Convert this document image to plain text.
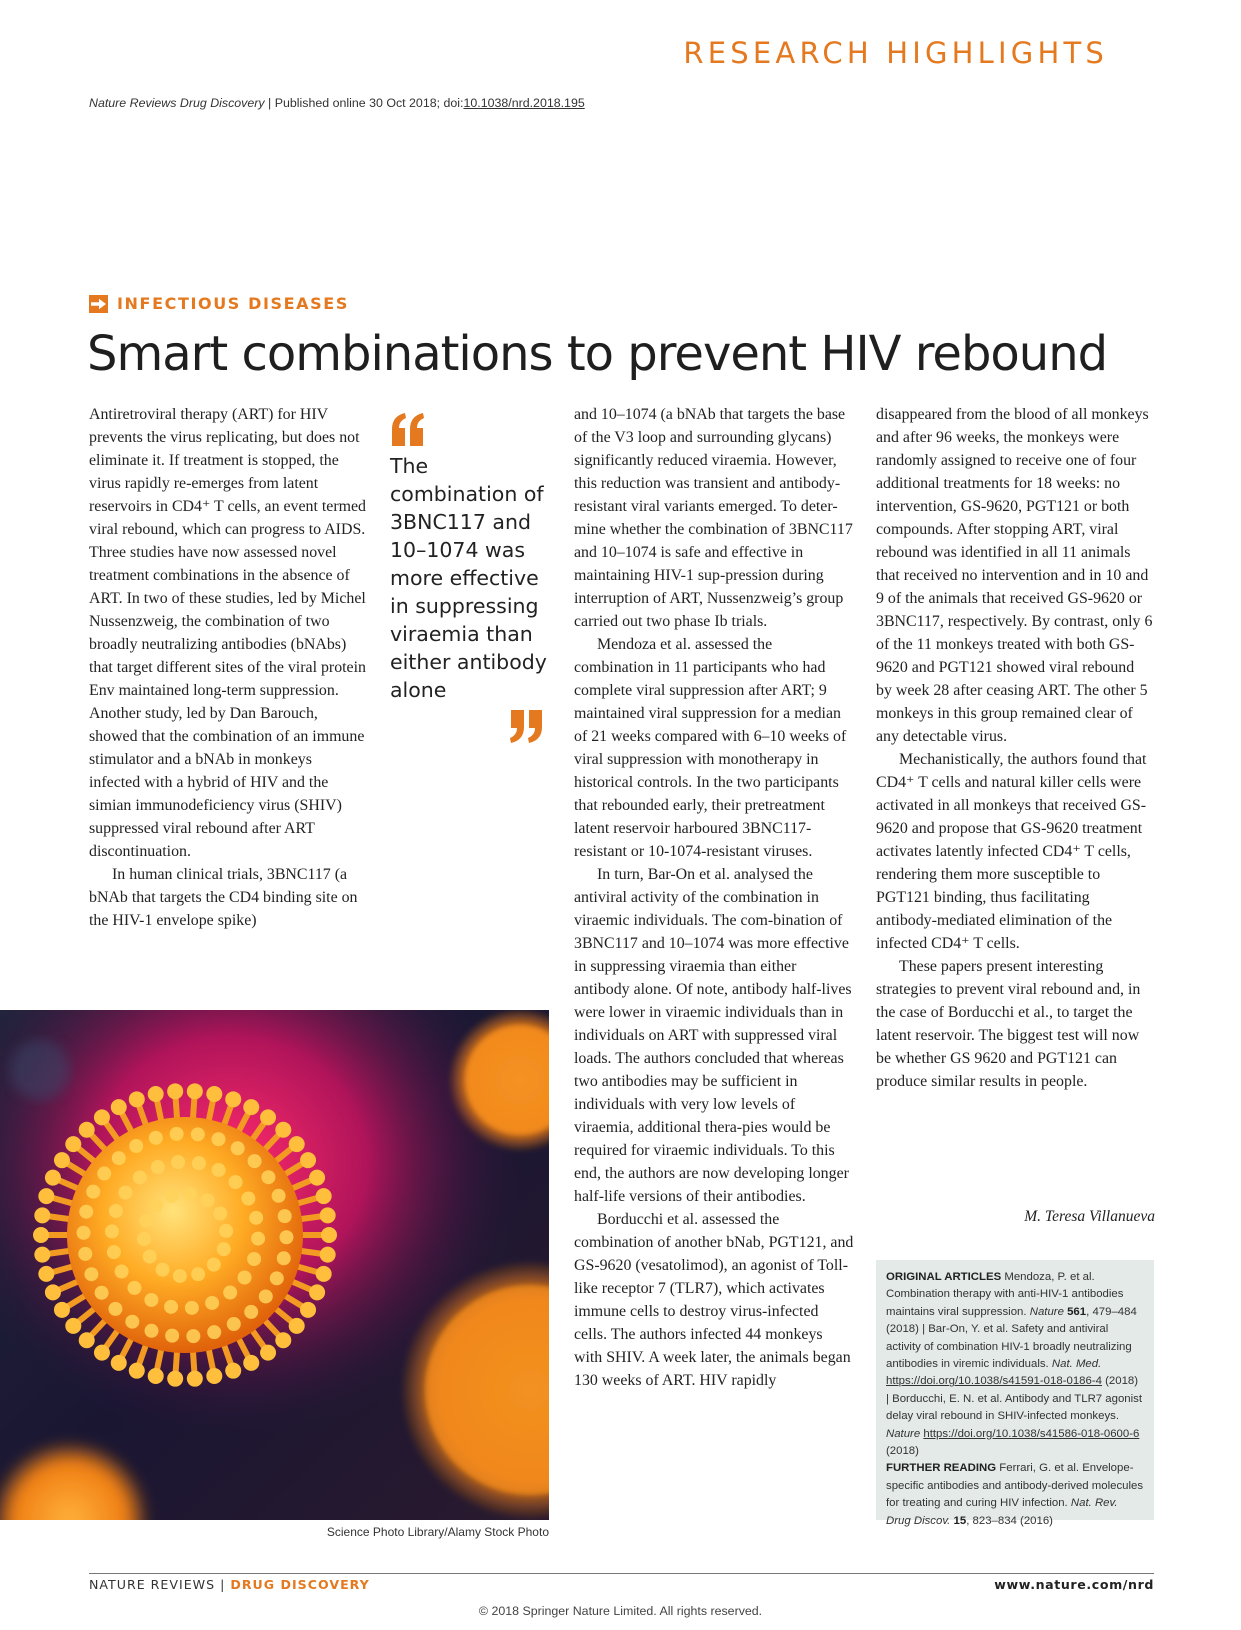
RESEARCH HIGHLIGHTS
Nature Reviews Drug Discovery | Published online 30 Oct 2018; doi:10.1038/nrd.2018.195
INFECTIOUS DISEASES
Smart combinations to prevent HIV rebound

Antiretroviral therapy (ART) for HIV prevents the virus replicating, but does not eliminate it. If treatment is stopped, the virus rapidly re-emerges from latent reservoirs in CD4⁺ T cells, an event termed viral rebound, which can progress to AIDS. Three studies have now assessed novel treatment combinations in the absence of ART. In two of these studies, led by Michel Nussenzweig, the combination of two broadly neutralizing antibodies (bNAbs) that target different sites of the viral protein Env maintained long-term suppression. Another study, led by Dan Barouch, showed that the combination of an immune stimulator and a bNAb in monkeys infected with a hybrid of HIV and the simian immunodeficiency virus (SHIV) suppressed viral rebound after ART discontinuation.

In human clinical trials, 3BNC117 (a bNAb that targets the CD4 binding site on the HIV-1 envelope spike)

The combination of 3BNC117 and 10–1074 was more effective in suppressing viraemia than either antibody alone

and 10–1074 (a bNAb that targets the base of the V3 loop and surrounding glycans) significantly reduced viraemia. However, this reduction was transient and antibody-resistant viral variants emerged. To deter-mine whether the combination of 3BNC117 and 10–1074 is safe and effective in maintaining HIV-1 sup-pression during interruption of ART, Nussenzweig’s group carried out two phase Ib trials.

Mendoza et al. assessed the combination in 11 participants who had complete viral suppression after ART; 9 maintained viral suppression for a median of 21 weeks compared with 6–10 weeks of viral suppression with monotherapy in historical controls. In the two participants that rebounded early, their pretreatment latent reservoir harboured 3BNC117-resistant or 10-1074-resistant viruses.

In turn, Bar-On et al. analysed the antiviral activity of the combination in viraemic individuals. The com-bination of 3BNC117 and 10–1074 was more effective in suppressing viraemia than either antibody alone. Of note, antibody half-lives were lower in viraemic individuals than in individuals on ART with suppressed viral loads. The authors concluded that whereas two antibodies may be sufficient in individuals with very low levels of viraemia, additional thera-pies would be required for viraemic individuals. To this end, the authors are now developing longer half-life versions of their antibodies.

Borducchi et al. assessed the combination of another bNab, PGT121, and GS-9620 (vesatolimod), an agonist of Toll-like receptor 7 (TLR7), which activates immune cells to destroy virus-infected cells. The authors infected 44 monkeys with SHIV. A week later, the animals began 130 weeks of ART. HIV rapidly

disappeared from the blood of all monkeys and after 96 weeks, the monkeys were randomly assigned to receive one of four additional treatments for 18 weeks: no intervention, GS-9620, PGT121 or both compounds. After stopping ART, viral rebound was identified in all 11 animals that received no intervention and in 10 and 9 of the animals that received GS-9620 or 3BNC117, respectively. By contrast, only 6 of the 11 monkeys treated with both GS-9620 and PGT121 showed viral rebound by week 28 after ceasing ART. The other 5 monkeys in this group remained clear of any detectable virus.

Mechanistically, the authors found that CD4⁺ T cells and natural killer cells were activated in all monkeys that received GS-9620 and propose that GS-9620 treatment activates latently infected CD4⁺ T cells, rendering them more susceptible to PGT121 binding, thus facilitating antibody-mediated elimination of the infected CD4⁺ T cells.

These papers present interesting strategies to prevent viral rebound and, in the case of Borducchi et al., to target the latent reservoir. The biggest test will now be whether GS 9620 and PGT121 can produce similar results in people.

Science Photo Library/Alamy Stock Photo
M. Teresa Villanueva
ORIGINAL ARTICLES Mendoza, P. et al. Combination therapy with anti-HIV-1 antibodies maintains viral suppression. Nature 561, 479–484 (2018) | Bar-On, Y. et al. Safety and antiviral activity of combination HIV-1 broadly neutralizing antibodies in viremic individuals. Nat. Med. https://doi.org/10.1038/s41591-018-0186-4 (2018) | Borducchi, E. N. et al. Antibody and TLR7 agonist delay viral rebound in SHIV-infected monkeys. Nature https://doi.org/10.1038/s41586-018-0600-6 (2018)
FURTHER READING Ferrari, G. et al. Envelope-specific antibodies and antibody-derived molecules for treating and curing HIV infection. Nat. Rev. Drug Discov. 15, 823–834 (2016)
NATURE REVIEWS | DRUG DISCOVERY	www.nature.com/nrd
© 2018 Springer Nature Limited. All rights reserved.
